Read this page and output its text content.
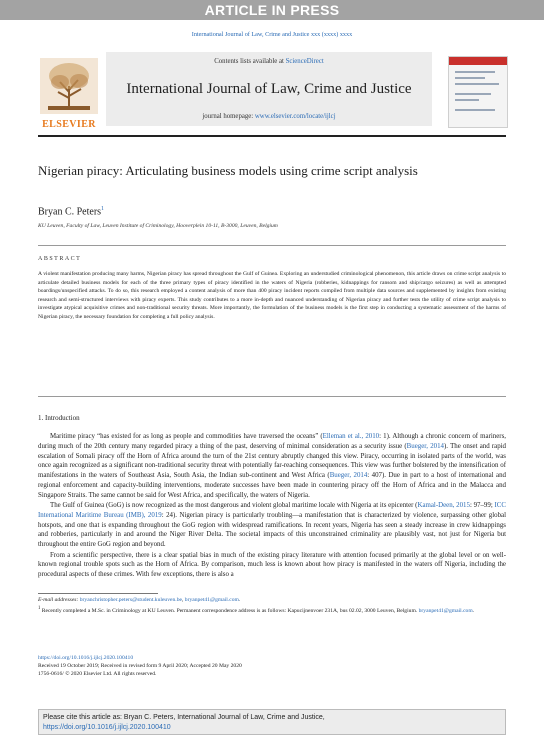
ARTICLE IN PRESS
International Journal of Law, Crime and Justice xxx (xxxx) xxxx
ELSEVIER
Contents lists available at ScienceDirect
International Journal of Law, Crime and Justice
journal homepage: www.elsevier.com/locate/ijlcj
Nigerian piracy: Articulating business models using crime script analysis
Bryan C. Peters$^1$
KU Leuven, Faculty of Law, Leuven Institute of Criminology, Hooverplein 10-11, B-3000, Leuven, Belgium
ABSTRACT
A violent manifestation producing many harms, Nigerian piracy has spread throughout the Gulf of Guinea. Exploring an understudied criminological phenomenon, this article draws on crime script analysis to articulate detailed business models for each of the three primary types of piracy identified in the waters of Nigeria (robberies, kidnappings for ransom and ship/cargo seizures) as well as attempted boardings/unspecified attacks. To do so, this research employed a content analysis of more than 400 piracy incident reports compiled from multiple data sources and supplemented by insights from existing research and semi-structured interviews with piracy experts. This study contributes to a more in-depth and nuanced understanding of Nigerian piracy and further tests the utility of crime script analysis to investigate atypical acquisitive crimes and non-traditional security threats. More importantly, the formulation of the business models is the first step in conducting a systematic assessment of the harms of Nigerian piracy, the necessary foundation for completing a full policy analysis.
1. Introduction

Maritime piracy “has existed for as long as people and commodities have traversed the oceans” (Elleman et al., 2010: 1). Although a chronic concern of mariners, during much of the 20th century many regarded piracy a thing of the past, deserving of minimal consideration as a security issue (Bueger, 2014). The onset and rapid escalation of Somali piracy off the Horn of Africa around the turn of the 21st century abruptly changed this view. Piracy, occurring in isolated parts of the world, was once again recognized as a significant non-traditional security threat with potentially far-reaching consequences. This view was further bolstered by the intensification of manifestations in the waters of Southeast Asia, South Asia, the Indian sub-continent and West Africa (Bueger, 2014: 407). Due in part to a host of international and regional enforcement and capacity-building interventions, moderate successes have been made in countering piracy off the Horn of Africa and in the Malacca and Singapore Straits. The same cannot be said for West Africa, and specifically, the waters of Nigeria.

The Gulf of Guinea (GoG) is now recognized as the most dangerous and violent global maritime locale with Nigeria at its epicenter (Kamal-Deen, 2015: 97–99; ICC International Maritime Bureau (IMB), 2019: 24). Nigerian piracy is particularly troubling—a manifestation that is characterized by violence, surpassing other global hotspots, and one that is expanding throughout the GoG region with widespread ramifications. In recent years, Nigeria has seen a steady increase in crew kidnappings and robberies, particularly in and around the Niger River Delta. The societal impacts of this unconstrained criminality are plausibly vast, not just for Nigeria but throughout the entire GoG region and beyond.

From a scientific perspective, there is a clear spatial bias in much of the existing piracy literature with attention focused primarily at the global level or on well-known regional trouble spots such as the Horn of Africa. By comparison, much less is known about how piracy is manifested in the waters off Nigeria, including the procedural aspects of these crimes. With few exceptions, there is also a

E-mail addresses: bryanchristopher.peters@student.kuleuven.be, bryanpet41@gmail.com.
$^1$ Recently completed a M.Sc. in Criminology at KU Leuven. Permanent correspondence address is as follows: Kapucijnenvoer 231A, bus 02.02, 3000 Leuven, Belgium. bryanpet41@gmail.com.
https://doi.org/10.1016/j.ijlcj.2020.100410
Received 19 October 2019; Received in revised form 9 April 2020; Accepted 20 May 2020
1756-0616/ © 2020 Elsevier Ltd. All rights reserved.
Please cite this article as: Bryan C. Peters, International Journal of Law, Crime and Justice,
https://doi.org/10.1016/j.ijlcj.2020.100410
